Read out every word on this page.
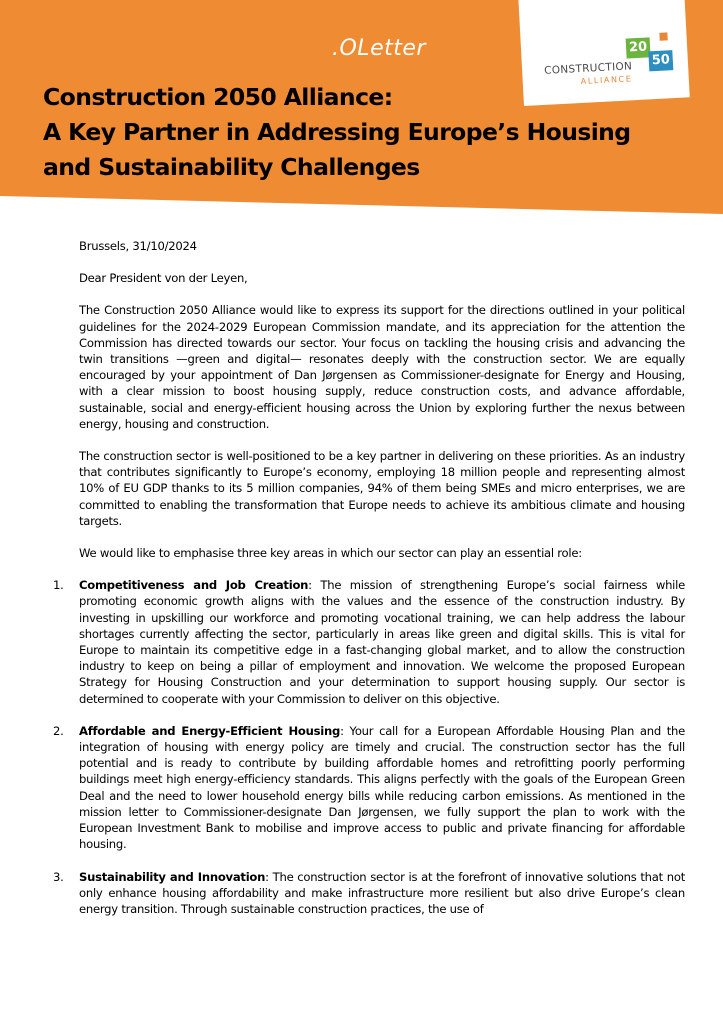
.OLetter	20
50
CONSTRUCTION
ALLIANCE
Construction 2050 Alliance:
A Key Partner in Addressing Europe’s Housing
and Sustainability Challenges

Brussels, 31/10/2024

Dear President von der Leyen,

The Construction 2050 Alliance would like to express its support for the directions outlined in your political guidelines for the 2024-2029 European Commission mandate, and its appreciation for the attention the Commission has directed towards our sector. Your focus on tackling the housing crisis and advancing the twin transitions —green and digital— resonates deeply with the construction sector. We are equally encouraged by your appointment of Dan Jørgensen as Commissioner-designate for Energy and Housing, with a clear mission to boost housing supply, reduce construction costs, and advance affordable, sustainable, social and energy-efficient housing across the Union by exploring further the nexus between energy, housing and construction.

The construction sector is well-positioned to be a key partner in delivering on these priorities. As an industry that contributes significantly to Europe’s economy, employing 18 million people and representing almost 10% of EU GDP thanks to its 5 million companies, 94% of them being SMEs and micro enterprises, we are committed to enabling the transformation that Europe needs to achieve its ambitious climate and housing targets.

We would like to emphasise three key areas in which our sector can play an essential role:

1. Competitiveness and Job Creation: The mission of strengthening Europe’s social fairness while promoting economic growth aligns with the values and the essence of the construction industry. By investing in upskilling our workforce and promoting vocational training, we can help address the labour shortages currently affecting the sector, particularly in areas like green and digital skills. This is vital for Europe to maintain its competitive edge in a fast-changing global market, and to allow the construction industry to keep on being a pillar of employment and innovation. We welcome the proposed European Strategy for Housing Construction and your determination to support housing supply. Our sector is determined to cooperate with your Commission to deliver on this objective.
2. Affordable and Energy-Efficient Housing: Your call for a European Affordable Housing Plan and the integration of housing with energy policy are timely and crucial. The construction sector has the full potential and is ready to contribute by building affordable homes and retrofitting poorly performing buildings meet high energy-efficiency standards. This aligns perfectly with the goals of the European Green Deal and the need to lower household energy bills while reducing carbon emissions. As mentioned in the mission letter to Commissioner-designate Dan Jørgensen, we fully support the plan to work with the European Investment Bank to mobilise and improve access to public and private financing for affordable housing.
3. Sustainability and Innovation: The construction sector is at the forefront of innovative solutions that not only enhance housing affordability and make infrastructure more resilient but also drive Europe’s clean energy transition. Through sustainable construction practices, the use of
